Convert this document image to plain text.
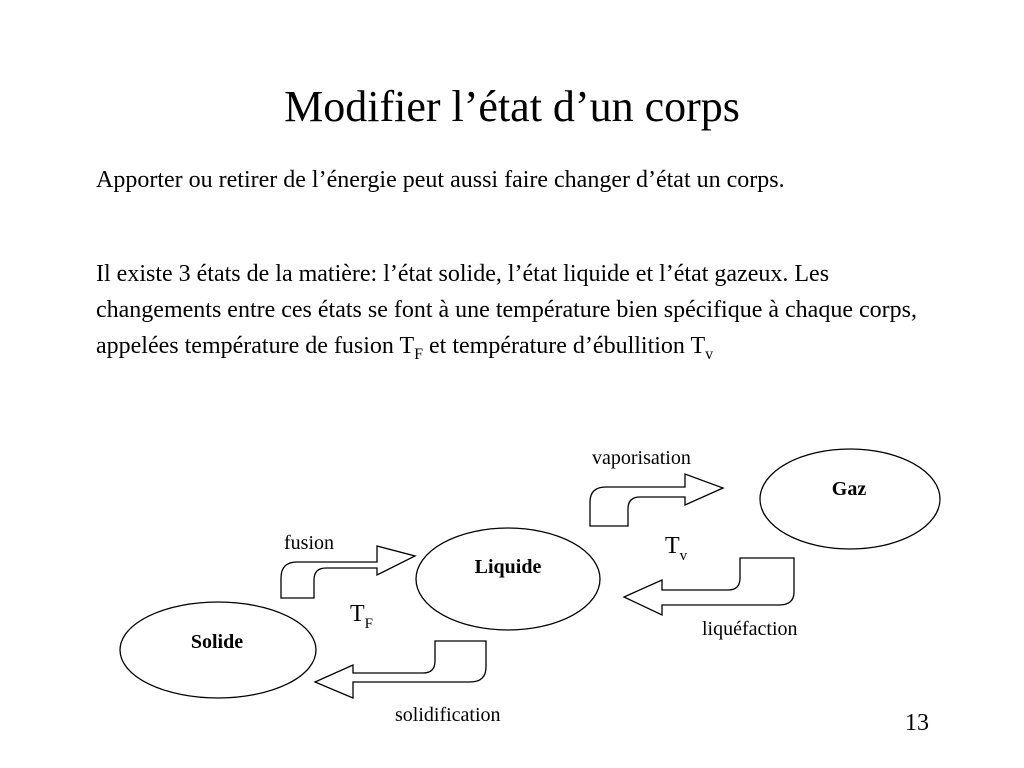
Modifier l’état d’un corps
Apporter ou retirer de l’énergie peut aussi faire changer d’état un corps.
Il existe 3 états de la matière: l’état solide, l’état liquide et l’état gazeux. Les changements entre ces états se font à une température bien spécifique à chaque corps, appelées température de fusion $T_F$ et température d’ébullition $T_v$
Solide
Liquide
Gaz
fusion
solidification
vaporisation
liquéfaction
$T_F$
$T_v$
13
